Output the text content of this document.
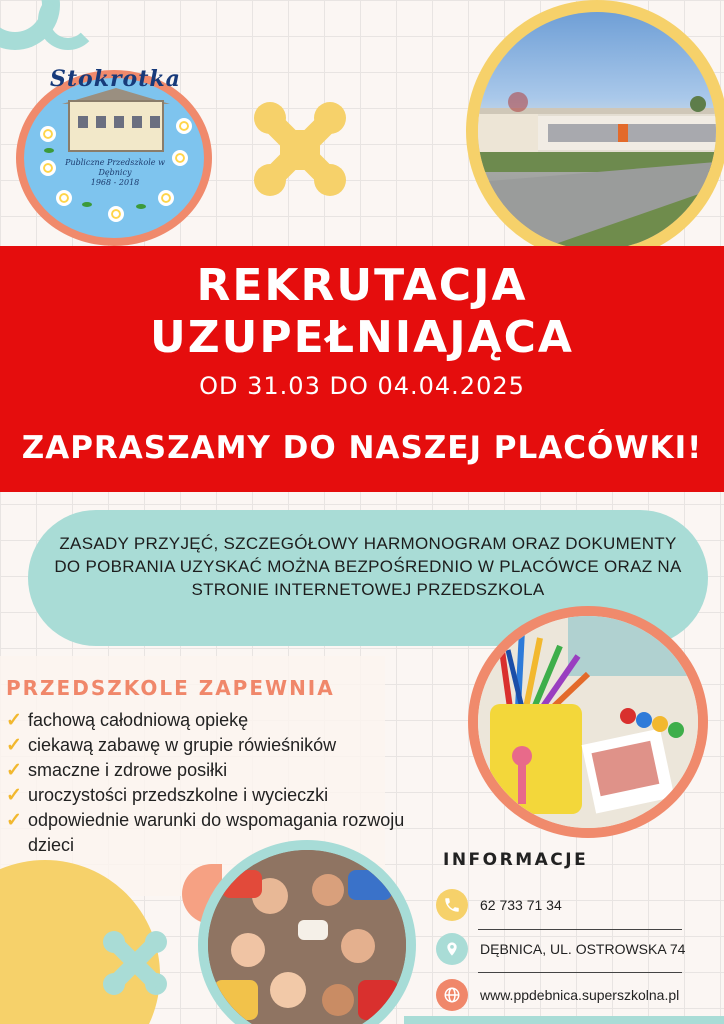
Stokrotka
Publiczne Przedszkole w Dębnicy
1968 - 2018
REKRUTACJA
UZUPEŁNIAJĄCA
OD 31.03 DO 04.04.2025
ZAPRASZAMY DO NASZEJ PLACÓWKI!
ZASADY PRZYJĘĆ, SZCZEGÓŁOWY HARMONOGRAM ORAZ DOKUMENTY DO POBRANIA UZYSKAĆ MOŻNA BEZPOŚREDNIO W PLACÓWCE ORAZ NA STRONIE INTERNETOWEJ PRZEDSZKOLA
PRZEDSZKOLE ZAPEWNIA
✓ fachową całodniową opiekę
✓ ciekawą zabawę w grupie rówieśników
✓ smaczne i zdrowe posiłki
✓ uroczystości przedszkolne i wycieczki
✓ odpowiednie warunki do wspomagania rozwoju dzieci
INFORMACJE
62 733 71 34
DĘBNICA, UL. OSTROWSKA 74
www.ppdebnica.superszkolna.pl
